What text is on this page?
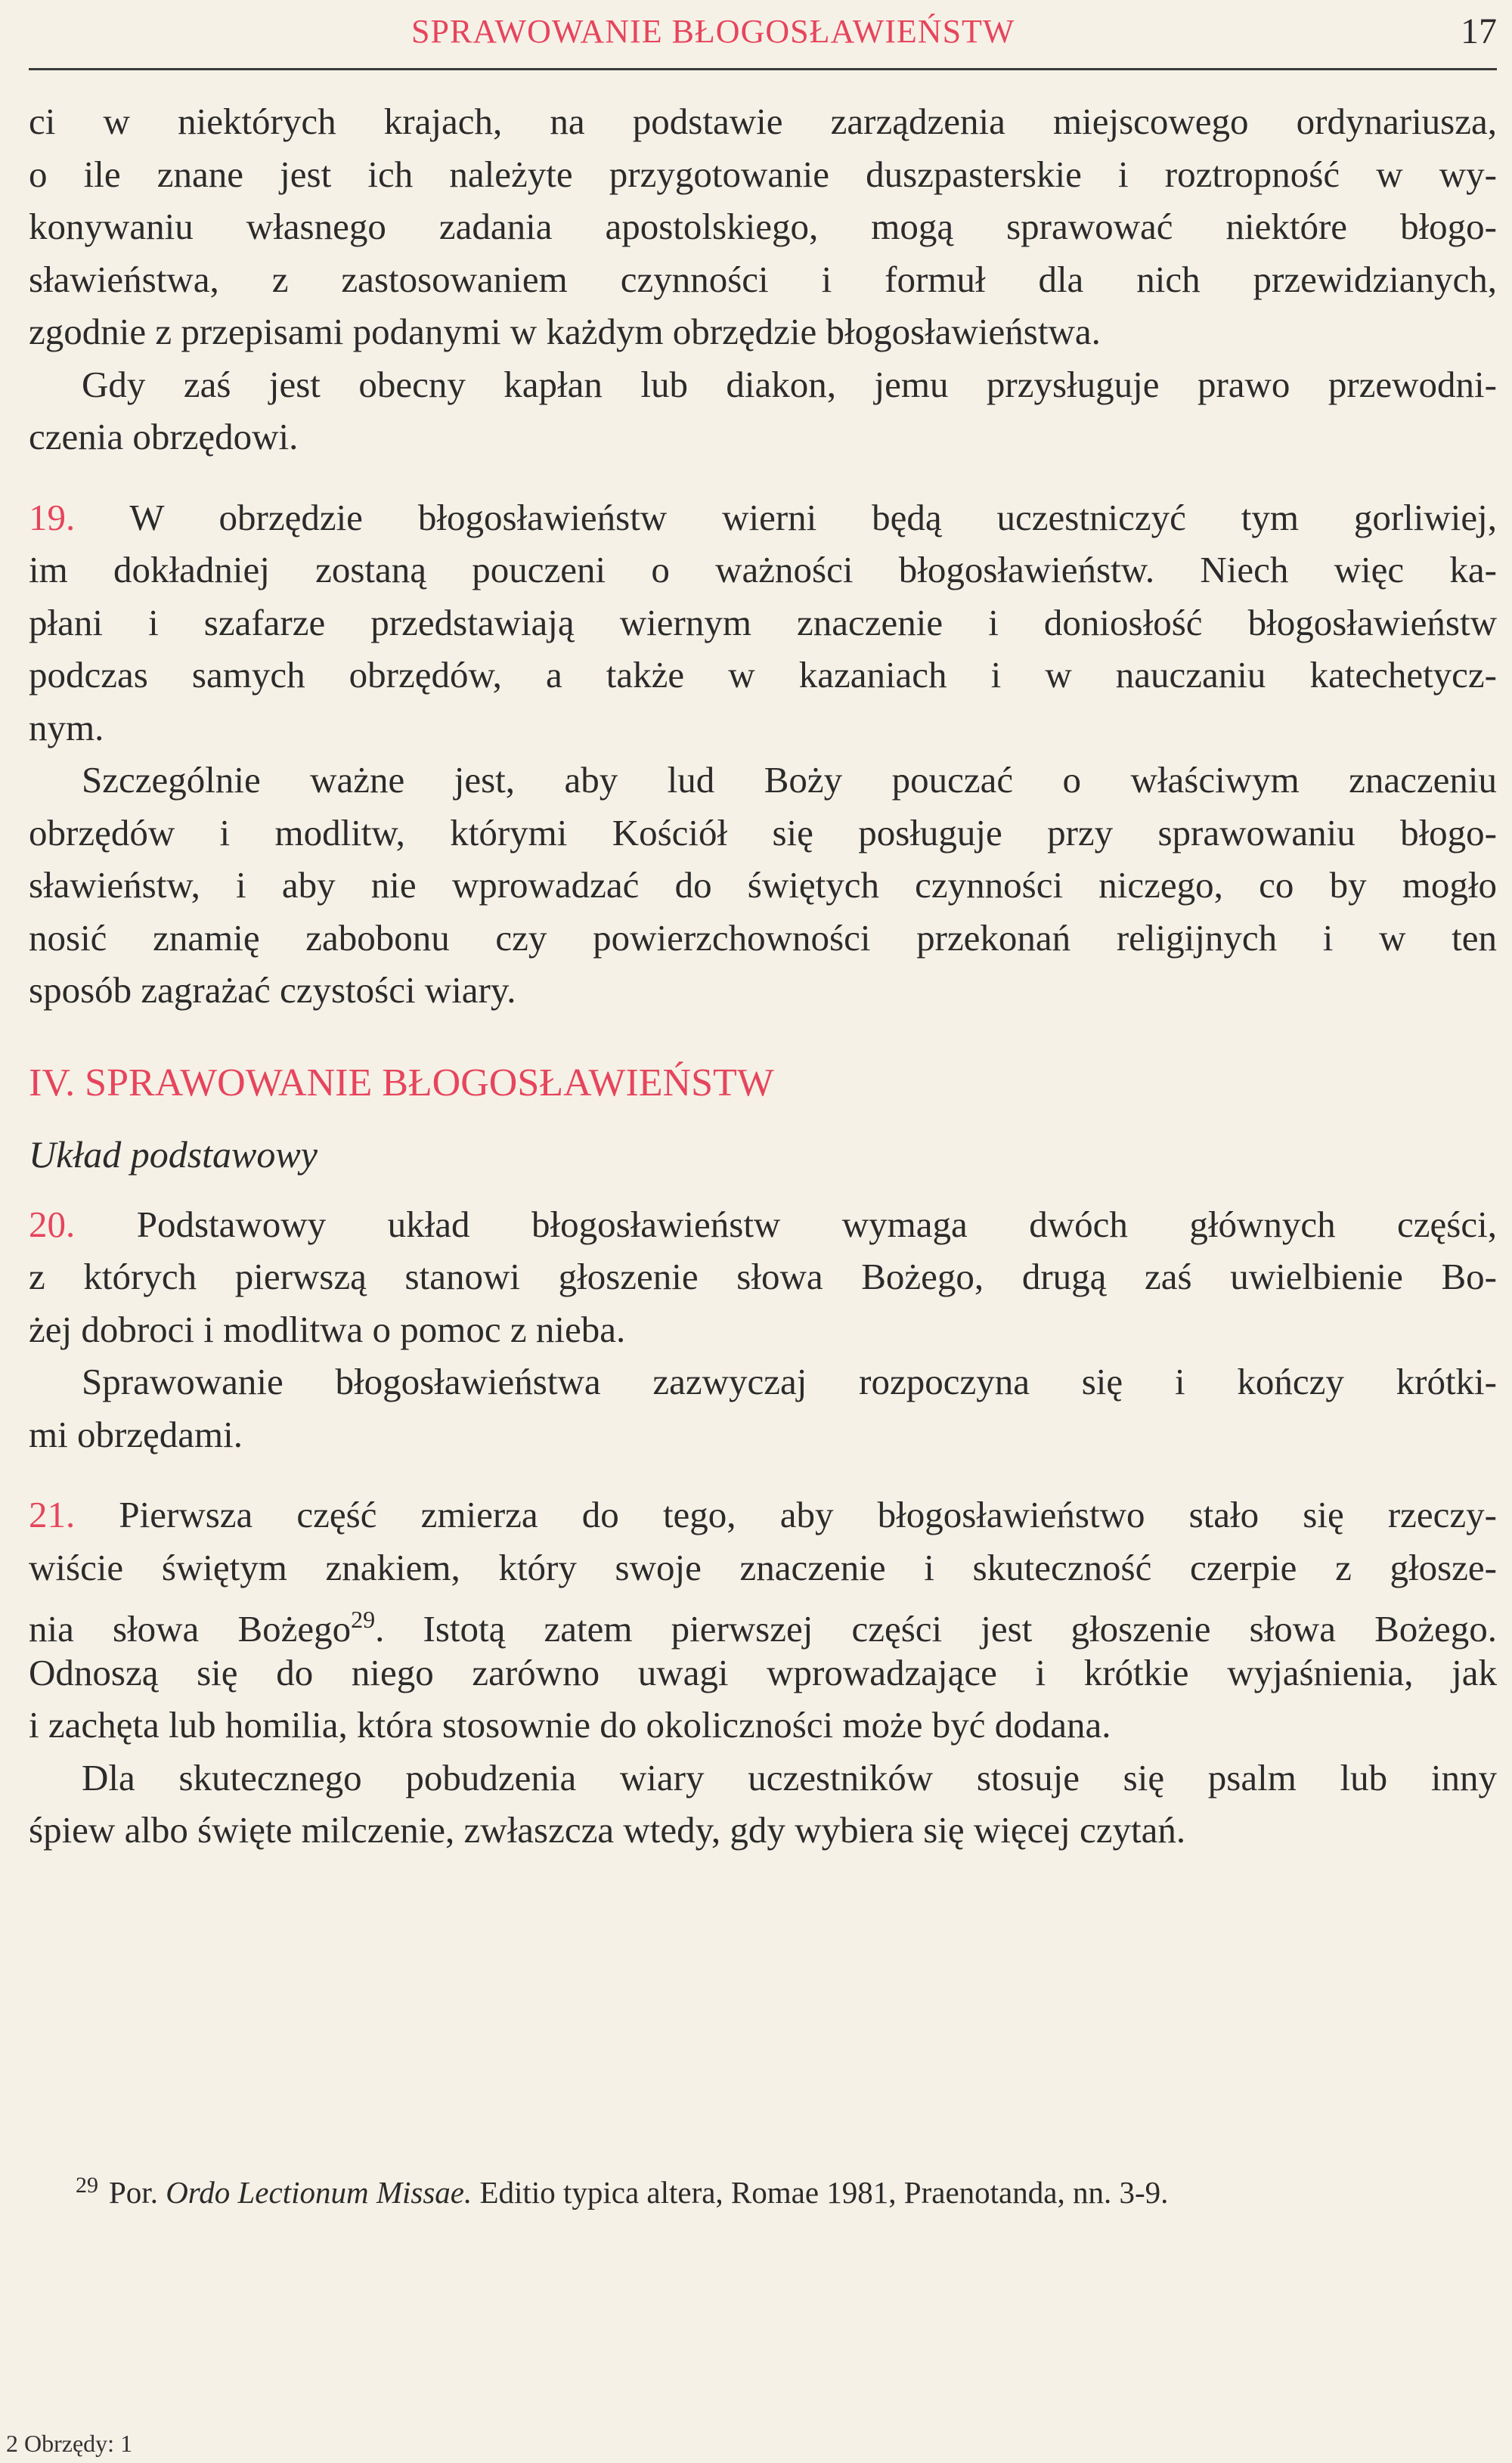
SPRAWOWANIE BŁOGOSŁAWIEŃSTW	17
ci w niektórych krajach, na podstawie zarządzenia miejscowego ordynariusza,
o ile znane jest ich należyte przygotowanie duszpasterskie i roztropność w wy-
konywaniu własnego zadania apostolskiego, mogą sprawować niektóre błogo-
sławieństwa, z zastosowaniem czynności i formuł dla nich przewidzianych,
zgodnie z przepisami podanymi w każdym obrzędzie błogosławieństwa.
Gdy zaś jest obecny kapłan lub diakon, jemu przysługuje prawo przewodni-
czenia obrzędowi.
19. W obrzędzie błogosławieństw wierni będą uczestniczyć tym gorliwiej,
im dokładniej zostaną pouczeni o ważności błogosławieństw. Niech więc ka-
płani i szafarze przedstawiają wiernym znaczenie i doniosłość błogosławieństw
podczas samych obrzędów, a także w kazaniach i w nauczaniu katechetycz-
nym.
Szczególnie ważne jest, aby lud Boży pouczać o właściwym znaczeniu
obrzędów i modlitw, którymi Kościół się posługuje przy sprawowaniu błogo-
sławieństw, i aby nie wprowadzać do świętych czynności niczego, co by mogło
nosić znamię zabobonu czy powierzchowności przekonań religijnych i w ten
sposób zagrażać czystości wiary.
IV. SPRAWOWANIE BŁOGOSŁAWIEŃSTW
Układ podstawowy
20. Podstawowy układ błogosławieństw wymaga dwóch głównych części,
z których pierwszą stanowi głoszenie słowa Bożego, drugą zaś uwielbienie Bo-
żej dobroci i modlitwa o pomoc z nieba.
Sprawowanie błogosławieństwa zazwyczaj rozpoczyna się i kończy krótki-
mi obrzędami.
21. Pierwsza część zmierza do tego, aby błogosławieństwo stało się rzeczy-
wiście świętym znakiem, który swoje znaczenie i skuteczność czerpie z głosze-
nia słowa Bożego$^{29}$. Istotą zatem pierwszej części jest głoszenie słowa Bożego.
Odnoszą się do niego zarówno uwagi wprowadzające i krótkie wyjaśnienia, jak
i zachęta lub homilia, która stosownie do okoliczności może być dodana.
Dla skutecznego pobudzenia wiary uczestników stosuje się psalm lub inny
śpiew albo święte milczenie, zwłaszcza wtedy, gdy wybiera się więcej czytań.
$^{29}$ Por. Ordo Lectionum Missae. Editio typica altera, Romae 1981, Praenotanda, nn. 3-9.
2 Obrzędy: 1
